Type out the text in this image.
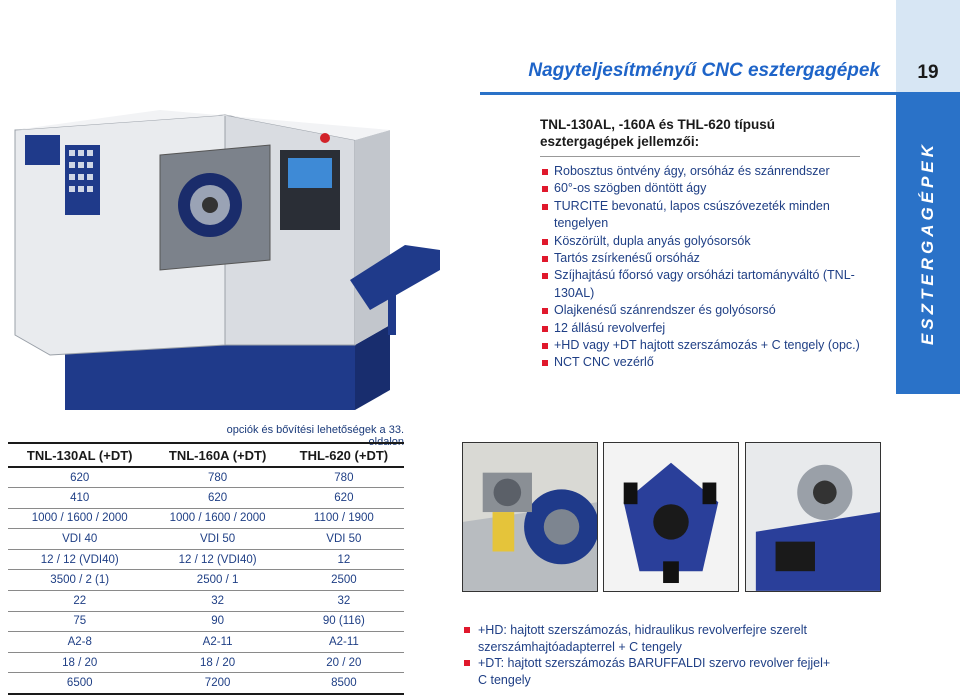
Nagyteljesítményű CNC esztergagépek	19
ESZTERGAGÉPEK
TNL-130AL, -160A és THL-620 típusú esztergagépek jellemzői:
Robosztus öntvény ágy, orsóház és szánrendszer
60°-os szögben döntött ágy
TURCITE bevonatú, lapos csúszóvezeték minden tengelyen
Köszörült, dupla anyás golyósorsók
Tartós zsírkenésű orsóház
Szíjhajtású főorsó vagy orsóházi tartományváltó (TNL-130AL)
Olajkenésű szánrendszer és golyósorsó
12 állású revolverfej
+HD vagy +DT hajtott szerszámozás + C tengely (opc.)
NCT CNC vezérlő
opciók és bővítési lehetőségek a 33. oldalon
TNL-130AL (+DT)	TNL-160A (+DT)	THL-620 (+DT)
620	780	780
410	620	620
1000 / 1600 / 2000	1000 / 1600 / 2000	1100 / 1900
VDI 40	VDI 50	VDI 50
12 / 12 (VDI40)	12 / 12 (VDI40)	12
3500 / 2 (1)	2500 / 1	2500
22	32	32
75	90	90 (116)
A2-8	A2-11	A2-11
18 / 20	18 / 20	20 / 20
6500	7200	8500
+HD: hajtott szerszámozás, hidraulikus revolverfejre szerelt szerszámhajtóadapterrel + C tengely
+DT: hajtott szerszámozás BARUFFALDI szervo revolver fejjel+ C tengely
